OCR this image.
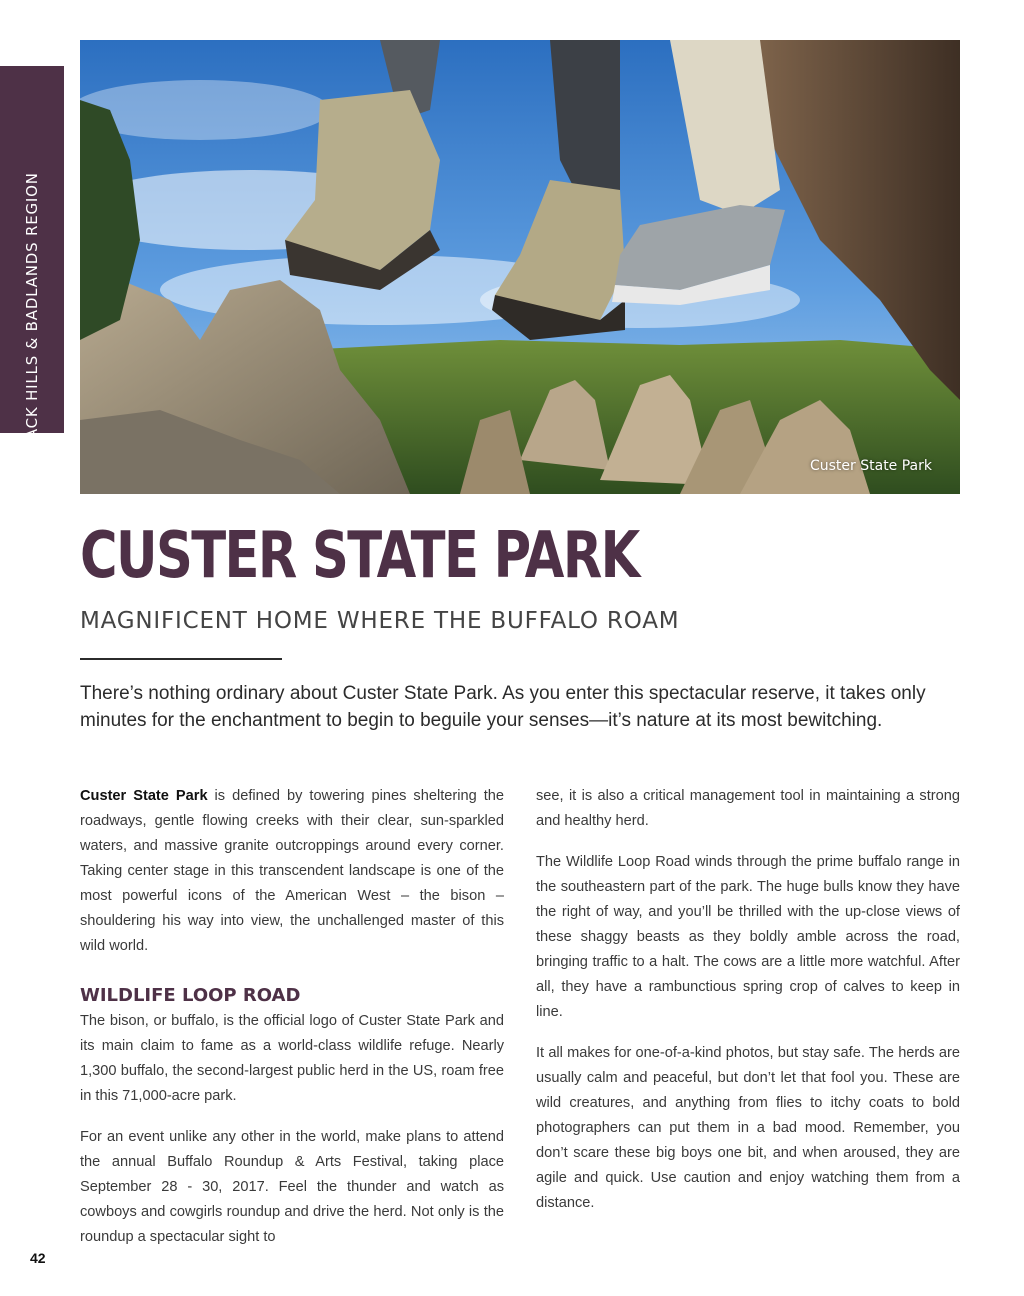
BLACK HILLS & BADLANDS REGION
Custer State Park
CUSTER STATE PARK
MAGNIFICENT HOME WHERE THE BUFFALO ROAM

There’s nothing ordinary about Custer State Park. As you enter this spectacular reserve, it takes only minutes for the enchantment to begin to beguile your senses—it’s nature at its most bewitching.

Custer State Park is defined by towering pines sheltering the roadways, gentle flowing creeks with their clear, sun-sparkled waters, and massive granite outcroppings around every corner. Taking center stage in this transcendent landscape is one of the most powerful icons of the American West – the bison – shouldering his way into view, the unchallenged master of this wild world.

WILDLIFE LOOP ROAD

The bison, or buffalo, is the official logo of Custer State Park and its main claim to fame as a world-class wildlife refuge. Nearly 1,300 buffalo, the second-largest public herd in the US, roam free in this 71,000-acre park.

For an event unlike any other in the world, make plans to attend the annual Buffalo Roundup & Arts Festival, taking place September 28 - 30, 2017. Feel the thunder and watch as cowboys and cowgirls roundup and drive the herd. Not only is the roundup a spectacular sight to

see, it is also a critical management tool in maintaining a strong and healthy herd.

The Wildlife Loop Road winds through the prime buffalo range in the southeastern part of the park. The huge bulls know they have the right of way, and you’ll be thrilled with the up-close views of these shaggy beasts as they boldly amble across the road, bringing traffic to a halt. The cows are a little more watchful. After all, they have a rambunctious spring crop of calves to keep in line.

It all makes for one-of-a-kind photos, but stay safe. The herds are usually calm and peaceful, but don’t let that fool you. These are wild creatures, and anything from flies to itchy coats to bold photographers can put them in a bad mood. Remember, you don’t scare these big boys one bit, and when aroused, they are agile and quick. Use caution and enjoy watching them from a distance.

42
